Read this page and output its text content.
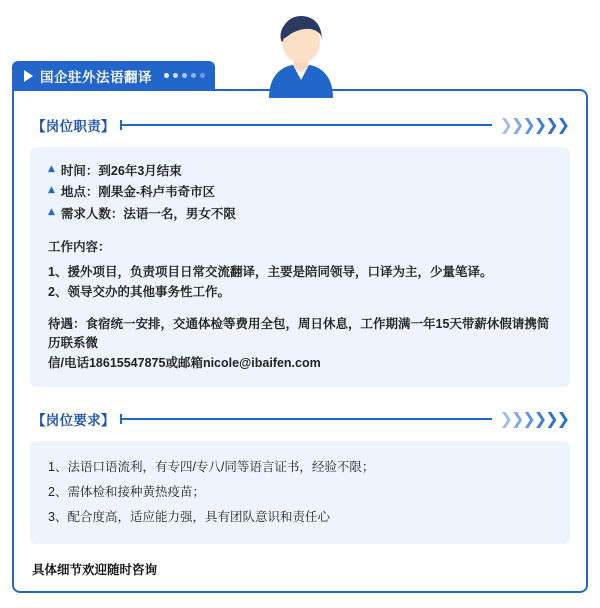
国企驻外法语翻译
【岗位职责】	❯ ❯ ❯ ❯ ❯ ❯
▲ 时间：到26年3月结束
▲ 地点：刚果金-科卢韦奇市区
▲ 需求人数：法语一名，男女不限

工作内容：

1、援外项目，负责项目日常交流翻译，主要是陪同领导，口译为主，少量笔译。

2、领导交办的其他事务性工作。

待遇：食宿统一安排，交通体检等费用全包，周日休息，工作期满一年15天带薪休假请携简历联系微

信/电话18615547875或邮箱nicole@ibaifen.com

【岗位要求】	❯ ❯ ❯ ❯ ❯ ❯
1、法语口语流利，有专四/专八/同等语言证书，经验不限；
2、需体检和接种黄热疫苗；
3、配合度高，适应能力强，具有团队意识和责任心
具体细节欢迎随时咨询
